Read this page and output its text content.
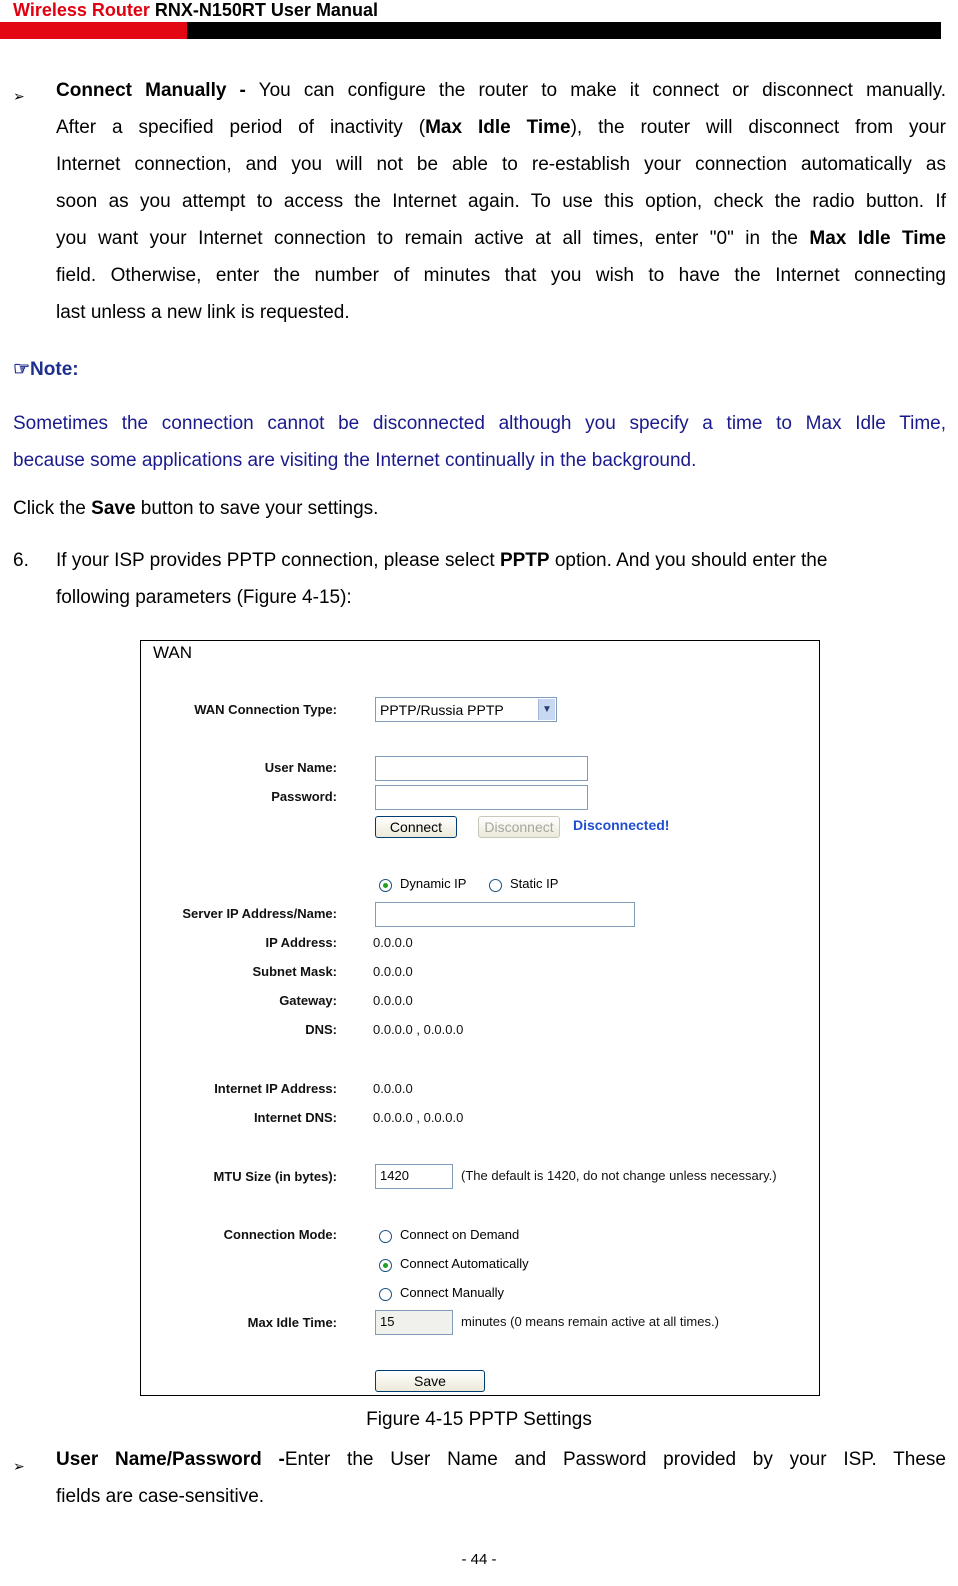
Wireless Router RNX-N150RT User Manual
➢ Connect Manually - You can configure the router to make it connect or disconnect manually.
After a specified period of inactivity (Max Idle Time), the router will disconnect from your
Internet connection, and you will not be able to re-establish your connection automatically as
soon as you attempt to access the Internet again. To use this option, check the radio button. If
you want your Internet connection to remain active at all times, enter "0" in the Max Idle Time
field. Otherwise, enter the number of minutes that you wish to have the Internet connecting
last unless a new link is requested.
☞Note:
Sometimes the connection cannot be disconnected although you specify a time to Max Idle Time,
because some applications are visiting the Internet continually in the background.
Click the Save button to save your settings.
6. If your ISP provides PPTP connection, please select PPTP option. And you should enter the
following parameters (Figure 4-15):
WAN
WAN Connection Type:	PPTP/Russia PPTP	▼
User Name:
Password:
Connect	Disconnect	Disconnected!
Dynamic IP	Static IP
Server IP Address/Name:
IP Address:	0.0.0.0
Subnet Mask:	0.0.0.0
Gateway:	0.0.0.0
DNS:	0.0.0.0 , 0.0.0.0
Internet IP Address:	0.0.0.0
Internet DNS:	0.0.0.0 , 0.0.0.0
MTU Size (in bytes):	1420	(The default is 1420, do not change unless necessary.)
Connection Mode:	Connect on Demand
Connect Automatically
Connect Manually
Max Idle Time:	15	minutes (0 means remain active at all times.)
Save
Figure 4-15 PPTP Settings
➢ User Name/Password -Enter the User Name and Password provided by your ISP. These
fields are case-sensitive.
- 44 -
